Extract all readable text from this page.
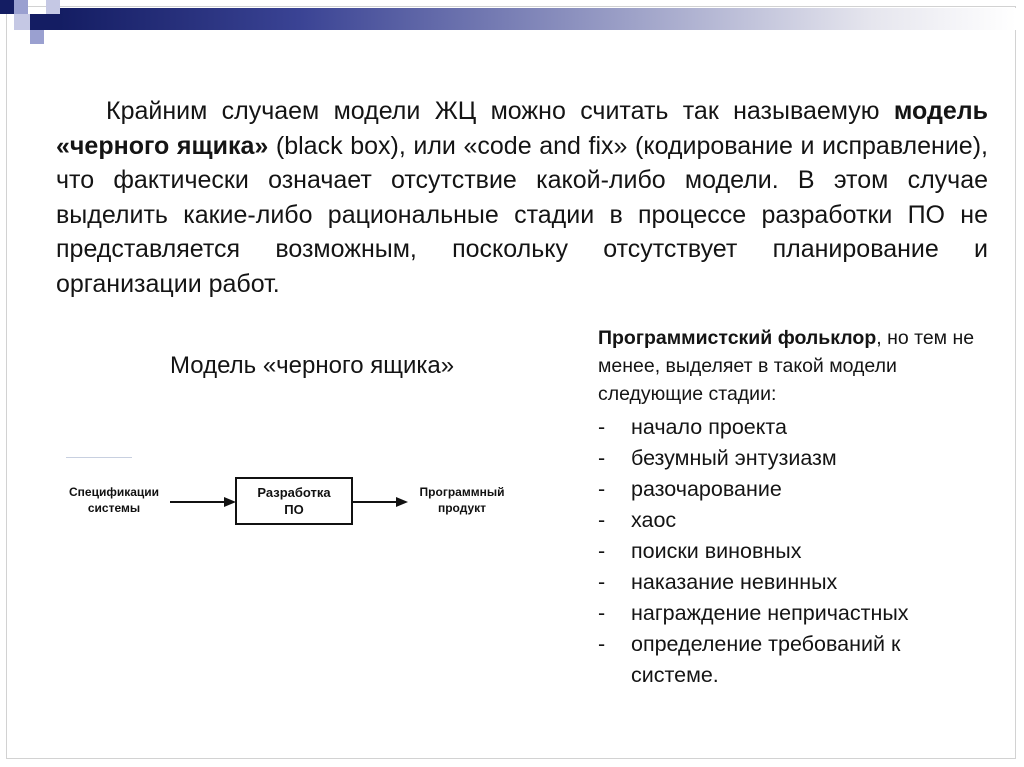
Крайним случаем модели ЖЦ можно считать так называемую модель «черного ящика» (black box), или «code and fix» (кодирование и исправление), что фактически означает отсутствие какой-либо модели. В этом случае выделить какие-либо рациональные стадии в процессе разработки ПО не представляется возможным, поскольку отсутствует планирование и организации работ.
Модель «черного ящика»
Спецификации
системы
Разработка
ПО
Программный
продукт
Программистский фольклор, но тем не менее, выделяет в такой модели следующие стадии:
- начало проекта
- безумный энтузиазм
- разочарование
- хаос
- поиски виновных
- наказание невинных
- награждение непричастных
- определение требований к системе.
